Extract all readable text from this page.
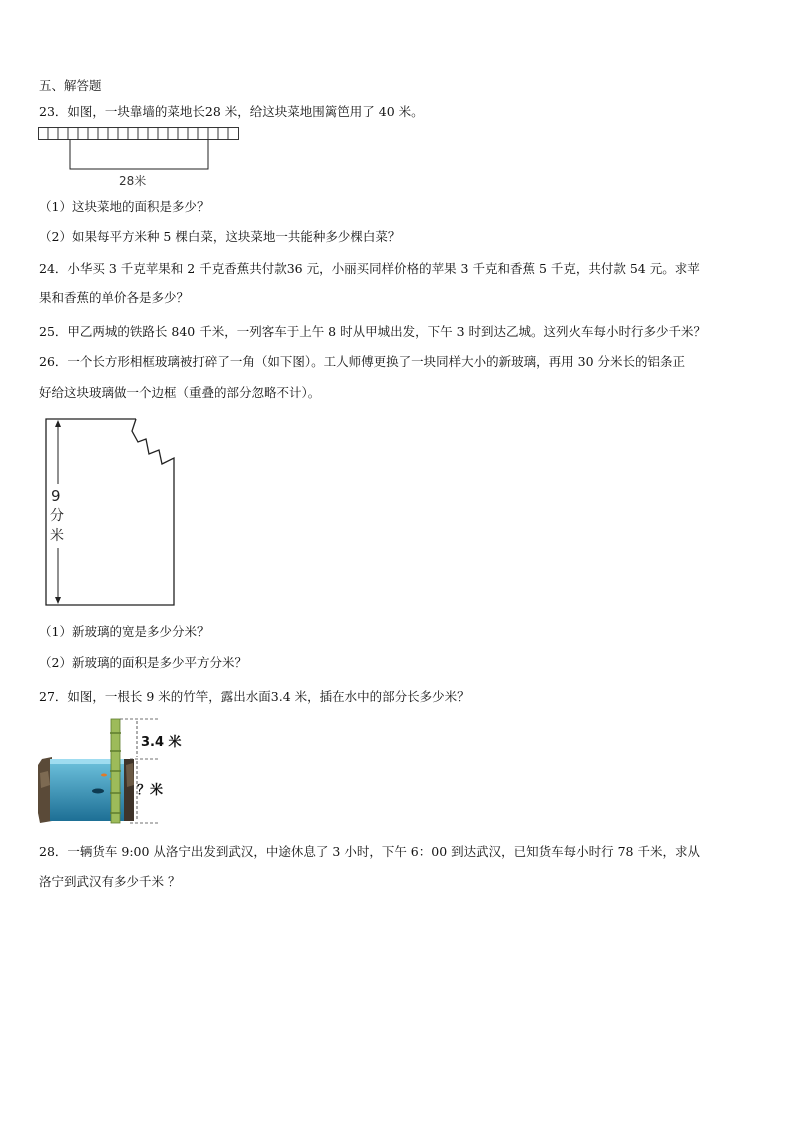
五、解答题
23．如图，一块靠墙的菜地长28 米，给这块菜地围篱笆用了 40 米。
28米
（1）这块菜地的面积是多少？
（2）如果每平方米种 5 棵白菜，这块菜地一共能种多少棵白菜？
24．小华买 3 千克苹果和 2 千克香蕉共付款36 元，小丽买同样价格的苹果 3 千克和香蕉 5 千克，共付款 54 元。求苹
果和香蕉的单价各是多少？
25．甲乙两城的铁路长 840 千米，一列客车于上午 8 时从甲城出发，下午 3 时到达乙城。这列火车每小时行多少千米？
26．一个长方形相框玻璃被打碎了一角（如下图）。工人师傅更换了一块同样大小的新玻璃，再用 30 分米长的铝条正
好给这块玻璃做一个边框（重叠的部分忽略不计）。
9
分
米
（1）新玻璃的宽是多少分米？
（2）新玻璃的面积是多少平方分米？
27．如图，一根长 9 米的竹竿，露出水面3.4 米，插在水中的部分长多少米？
3.4 米
？米
28．一辆货车 9:00 从洛宁出发到武汉，中途休息了 3 小时，下午 6：00 到达武汉，已知货车每小时行 78 千米，求从
洛宁到武汉有多少千米 ？
